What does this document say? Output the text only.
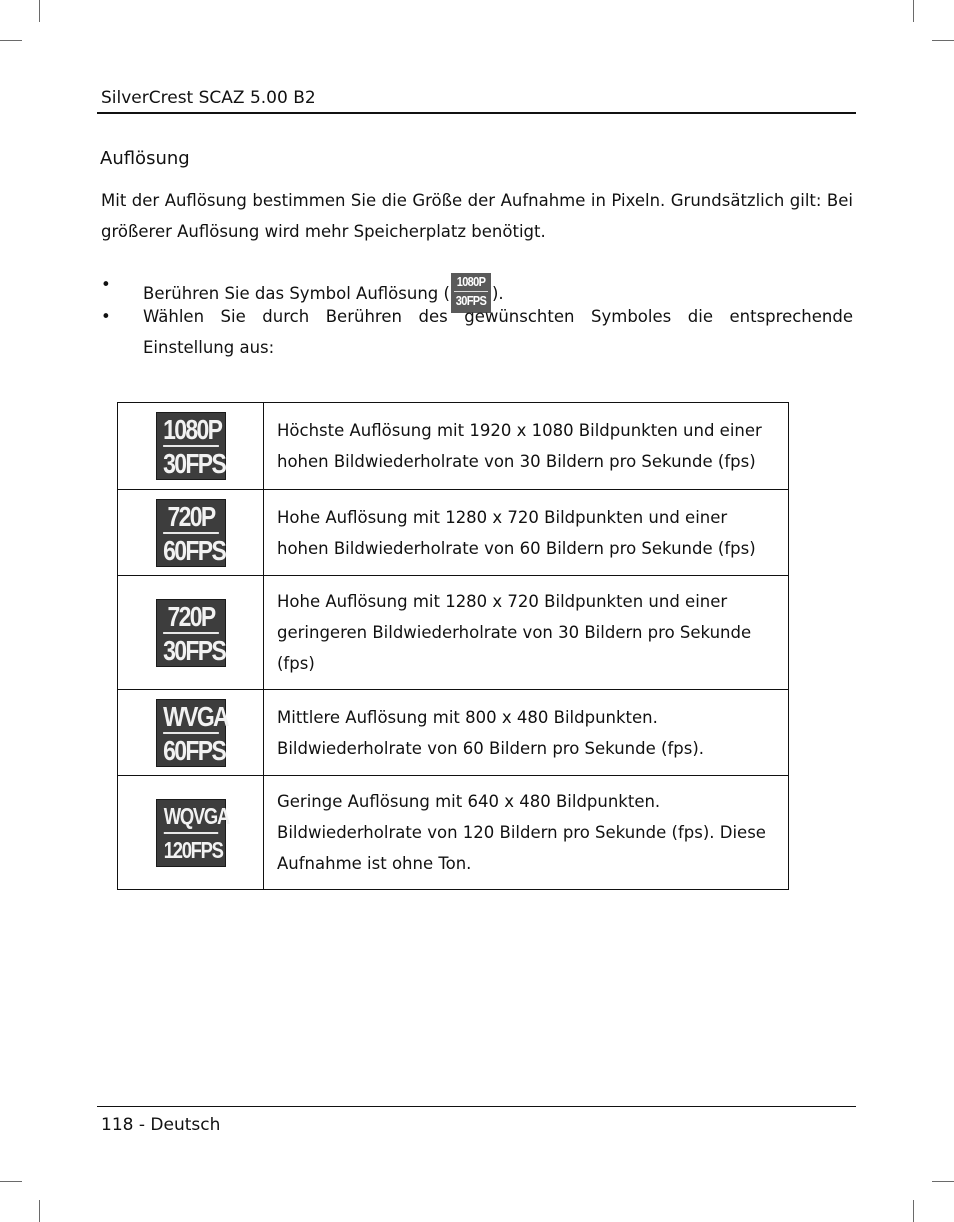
SilverCrest SCAZ 5.00 B2
Auflösung
Mit der Auflösung bestimmen Sie die Größe der Aufnahme in Pixeln. Grundsätzlich gilt: Bei größerer Auflösung wird mehr Speicherplatz benötigt.
• Berühren Sie das Symbol Auflösung (
1080P
30FPS ).
• Wählen Sie durch Berühren des gewünschten Symboles die entsprechende Einstellung aus:
1080P
30FPS	Höchste Auflösung mit 1920 x 1080 Bildpunkten und einer hohen Bildwiederholrate von 30 Bildern pro Sekunde (fps)

720P
60FPS	Hohe Auflösung mit 1280 x 720 Bildpunkten und einer hohen Bildwiederholrate von 60 Bildern pro Sekunde (fps)

720P
30FPS	Hohe Auflösung mit 1280 x 720 Bildpunkten und einer geringeren Bildwiederholrate von 30 Bildern pro Sekunde (fps)

WVGA
60FPS	Mittlere Auflösung mit 800 x 480 Bildpunkten. Bildwiederholrate von 60 Bildern pro Sekunde (fps).

WQVGA
120FPS	Geringe Auflösung mit 640 x 480 Bildpunkten. Bildwiederholrate von 120 Bildern pro Sekunde (fps). Diese Aufnahme ist ohne Ton.
118 - Deutsch
